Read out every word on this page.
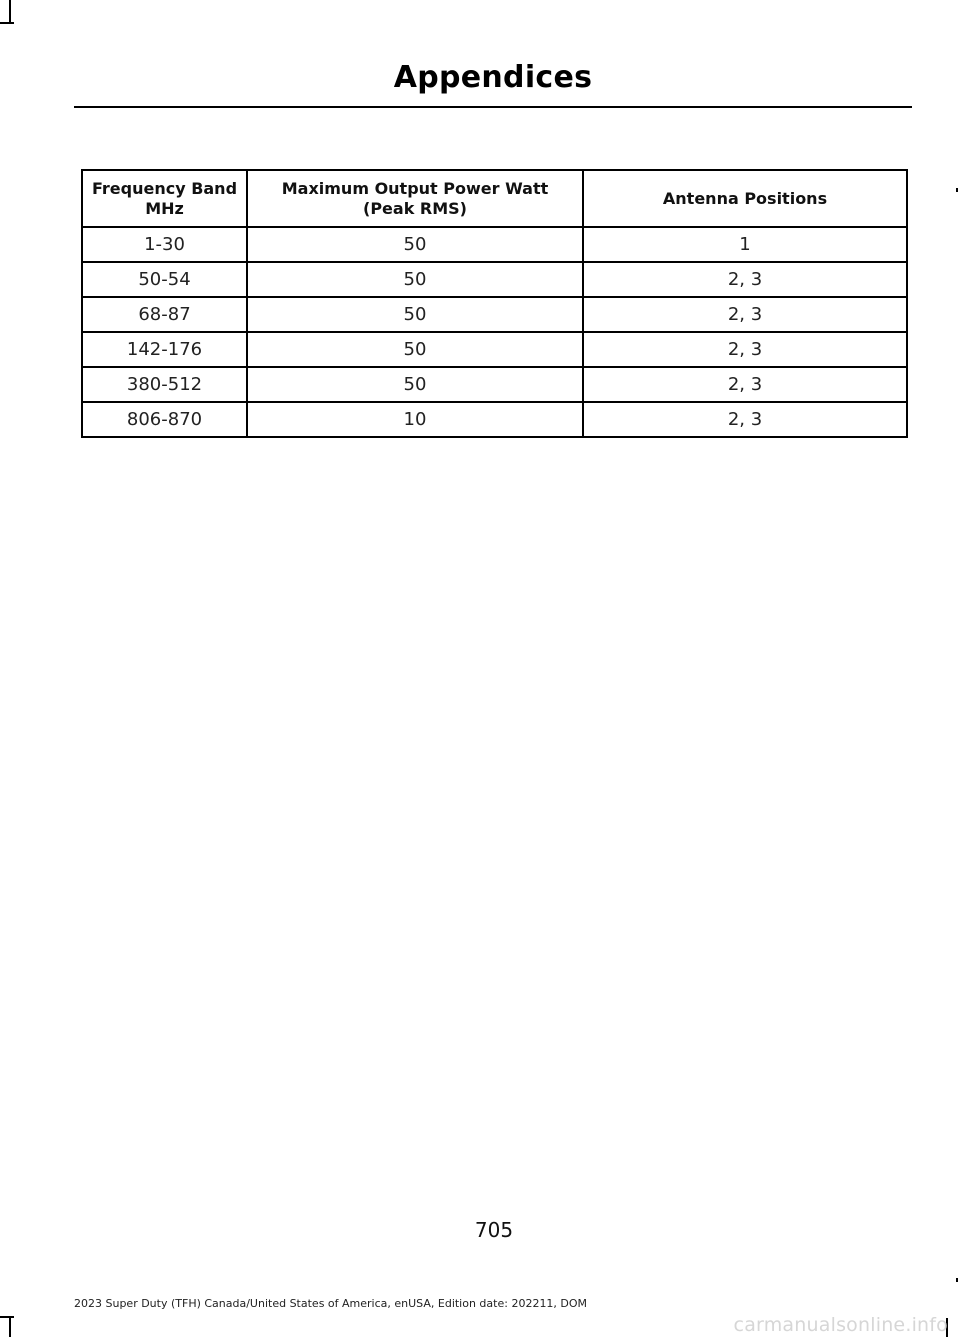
Appendices
Frequency Band MHz	Maximum Output Power Watt (Peak RMS)	Antenna Positions
1-30	50	1
50-54	50	2, 3
68-87	50	2, 3
142-176	50	2, 3
380-512	50	2, 3
806-870	10	2, 3
705
2023 Super Duty (TFH) Canada/United States of America, enUSA, Edition date: 202211, DOM
carmanualsonline.info
